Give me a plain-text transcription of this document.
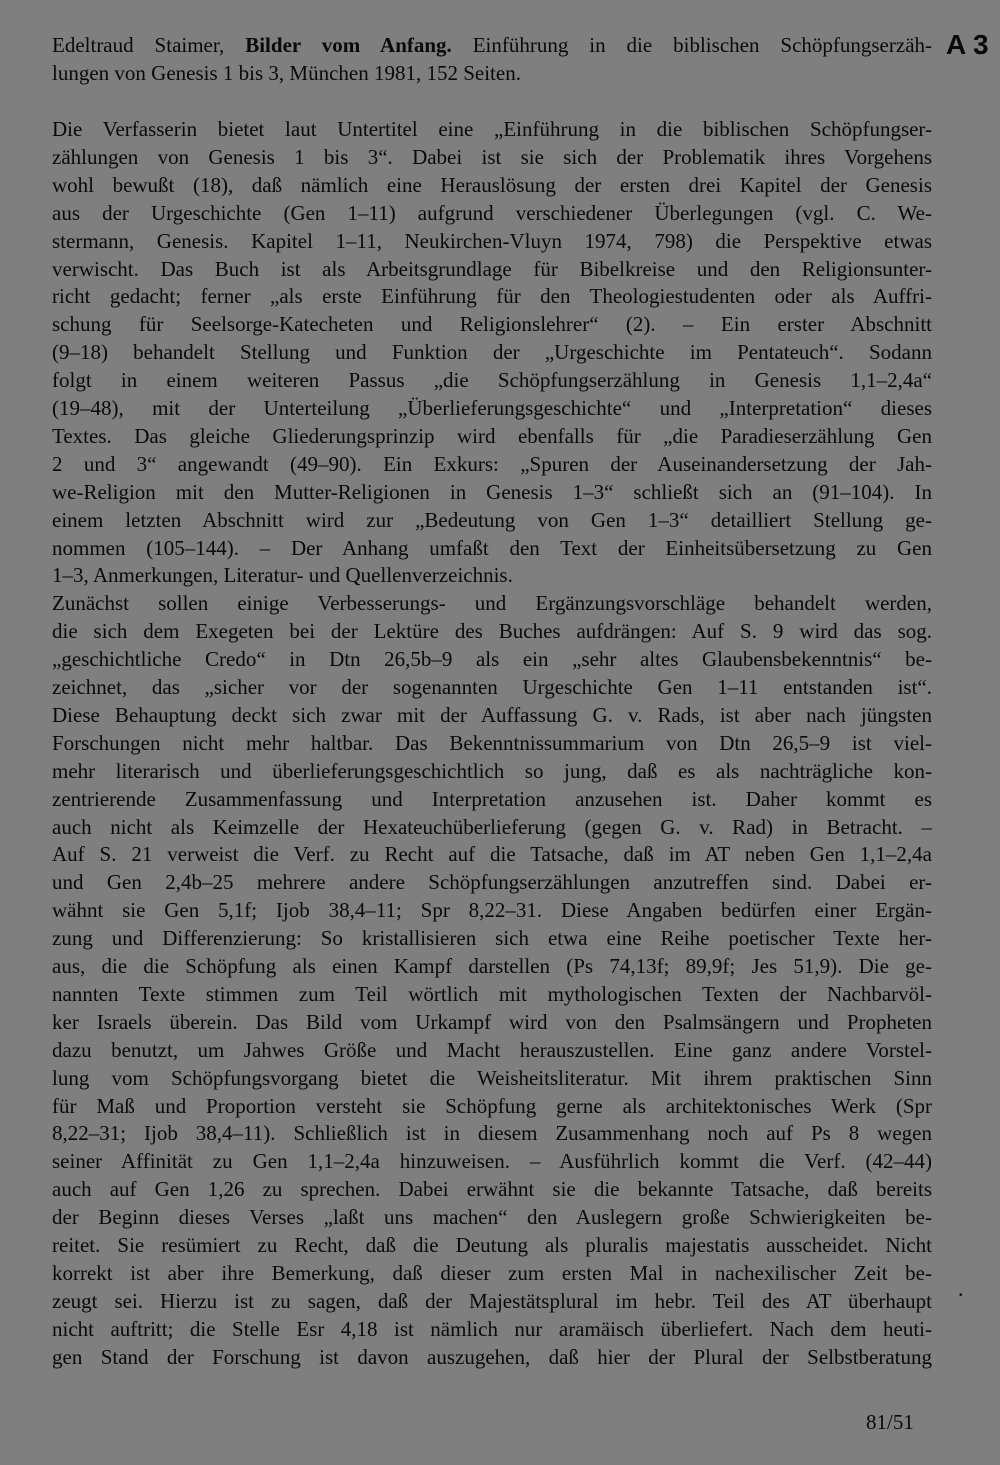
Edeltraud Staimer, Bilder vom Anfang. Einführung in die biblischen Schöpfungserzäh-
lungen von Genesis 1 bis 3, München 1981, 152 Seiten.
A 3
Die Verfasserin bietet laut Untertitel eine „Einführung in die biblischen Schöpfungser-
zählungen von Genesis 1 bis 3“. Dabei ist sie sich der Problematik ihres Vorgehens
wohl bewußt (18), daß nämlich eine Herauslösung der ersten drei Kapitel der Genesis
aus der Urgeschichte (Gen 1–11) aufgrund verschiedener Überlegungen (vgl. C. We-
stermann, Genesis. Kapitel 1–11, Neukirchen-Vluyn 1974, 798) die Perspektive etwas
verwischt. Das Buch ist als Arbeitsgrundlage für Bibelkreise und den Religionsunter-
richt gedacht; ferner „als erste Einführung für den Theologiestudenten oder als Auffri-
schung für Seelsorge-Katecheten und Religionslehrer“ (2). – Ein erster Abschnitt
(9–18) behandelt Stellung und Funktion der „Urgeschichte im Pentateuch“. Sodann
folgt in einem weiteren Passus „die Schöpfungserzählung in Genesis 1,1–2,4a“
(19–48), mit der Unterteilung „Überlieferungsgeschichte“ und „Interpretation“ dieses
Textes. Das gleiche Gliederungsprinzip wird ebenfalls für „die Paradieserzählung Gen
2 und 3“ angewandt (49–90). Ein Exkurs: „Spuren der Auseinandersetzung der Jah-
we-Religion mit den Mutter-Religionen in Genesis 1–3“ schließt sich an (91–104). In
einem letzten Abschnitt wird zur „Bedeutung von Gen 1–3“ detailliert Stellung ge-
nommen (105–144). – Der Anhang umfaßt den Text der Einheitsübersetzung zu Gen
1–3, Anmerkungen, Literatur- und Quellenverzeichnis.
Zunächst sollen einige Verbesserungs- und Ergänzungsvorschläge behandelt werden,
die sich dem Exegeten bei der Lektüre des Buches aufdrängen: Auf S. 9 wird das sog.
„geschichtliche Credo“ in Dtn 26,5b–9 als ein „sehr altes Glaubensbekenntnis“ be-
zeichnet, das „sicher vor der sogenannten Urgeschichte Gen 1–11 entstanden ist“.
Diese Behauptung deckt sich zwar mit der Auffassung G. v. Rads, ist aber nach jüngsten
Forschungen nicht mehr haltbar. Das Bekenntnissummarium von Dtn 26,5–9 ist viel-
mehr literarisch und überlieferungsgeschichtlich so jung, daß es als nachträgliche kon-
zentrierende Zusammenfassung und Interpretation anzusehen ist. Daher kommt es
auch nicht als Keimzelle der Hexateuchüberlieferung (gegen G. v. Rad) in Betracht. –
Auf S. 21 verweist die Verf. zu Recht auf die Tatsache, daß im AT neben Gen 1,1–2,4a
und Gen 2,4b–25 mehrere andere Schöpfungserzählungen anzutreffen sind. Dabei er-
wähnt sie Gen 5,1f; Ijob 38,4–11; Spr 8,22–31. Diese Angaben bedürfen einer Ergän-
zung und Differenzierung: So kristallisieren sich etwa eine Reihe poetischer Texte her-
aus, die die Schöpfung als einen Kampf darstellen (Ps 74,13f; 89,9f; Jes 51,9). Die ge-
nannten Texte stimmen zum Teil wörtlich mit mythologischen Texten der Nachbarvöl-
ker Israels überein. Das Bild vom Urkampf wird von den Psalmsängern und Propheten
dazu benutzt, um Jahwes Größe und Macht herauszustellen. Eine ganz andere Vorstel-
lung vom Schöpfungsvorgang bietet die Weisheitsliteratur. Mit ihrem praktischen Sinn
für Maß und Proportion versteht sie Schöpfung gerne als architektonisches Werk (Spr
8,22–31; Ijob 38,4–11). Schließlich ist in diesem Zusammenhang noch auf Ps 8 wegen
seiner Affinität zu Gen 1,1–2,4a hinzuweisen. – Ausführlich kommt die Verf. (42–44)
auch auf Gen 1,26 zu sprechen. Dabei erwähnt sie die bekannte Tatsache, daß bereits
der Beginn dieses Verses „laßt uns machen“ den Auslegern große Schwierigkeiten be-
reitet. Sie resümiert zu Recht, daß die Deutung als pluralis majestatis ausscheidet. Nicht
korrekt ist aber ihre Bemerkung, daß dieser zum ersten Mal in nachexilischer Zeit be-
zeugt sei. Hierzu ist zu sagen, daß der Majestätsplural im hebr. Teil des AT überhaupt
nicht auftritt; die Stelle Esr 4,18 ist nämlich nur aramäisch überliefert. Nach dem heuti-
gen Stand der Forschung ist davon auszugehen, daß hier der Plural der Selbstberatung
.
81/51
